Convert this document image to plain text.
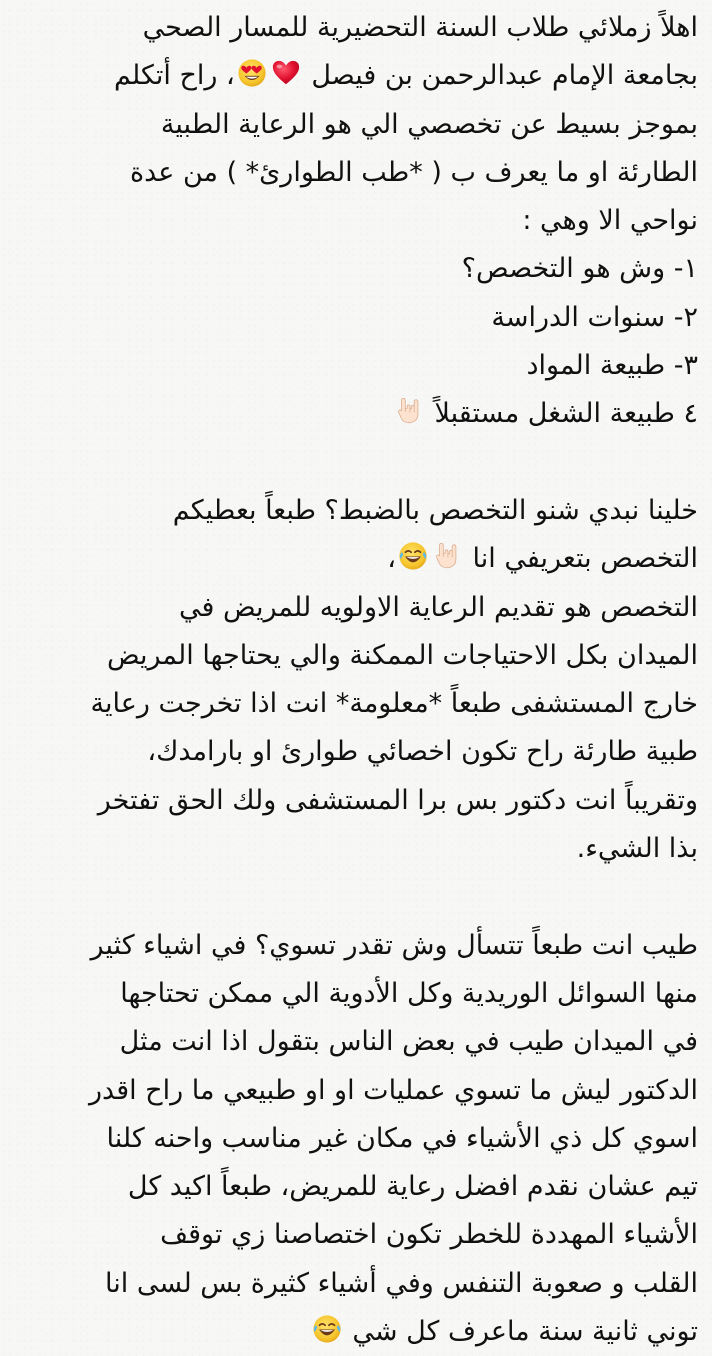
اهلاً زملائي طلاب السنة التحضيرية للمسار الصحي
بجامعة الإمام عبدالرحمن بن فيصل ، راح أتكلم
بموجز بسيط عن تخصصي الي هو الرعاية الطبية
الطارئة او ما يعرف ب ( *طب الطوارئ* ) من عدة
نواحي الا وهي :
١- وش هو التخصص؟
٢- سنوات الدراسة
٣- طبيعة المواد
٤ طبيعة الشغل مستقبلاً
خلينا نبدي شنو التخصص بالضبط؟ طبعاً بعطيكم
التخصص بتعريفي انا ،
التخصص هو تقديم الرعاية الاولويه للمريض في
الميدان بكل الاحتياجات الممكنة والي يحتاجها المريض
خارج المستشفى طبعاً *معلومة* انت اذا تخرجت رعاية
طبية طارئة راح تكون اخصائي طوارئ او بارامدك،
وتقريباً انت دكتور بس برا المستشفى ولك الحق تفتخر
بذا الشيء.
طيب انت طبعاً تتسأل وش تقدر تسوي؟ في اشياء كثير
منها السوائل الوريدية وكل الأدوية الي ممكن تحتاجها
في الميدان طيب في بعض الناس بتقول اذا انت مثل
الدكتور ليش ما تسوي عمليات او او طبيعي ما راح اقدر
اسوي كل ذي الأشياء في مكان غير مناسب واحنه كلنا
تيم عشان نقدم افضل رعاية للمريض، طبعاً اكيد كل
الأشياء المهددة للخطر تكون اختصاصنا زي توقف
القلب و صعوبة التنفس وفي أشياء كثيرة بس لسى انا
توني ثانية سنة ماعرف كل شي
